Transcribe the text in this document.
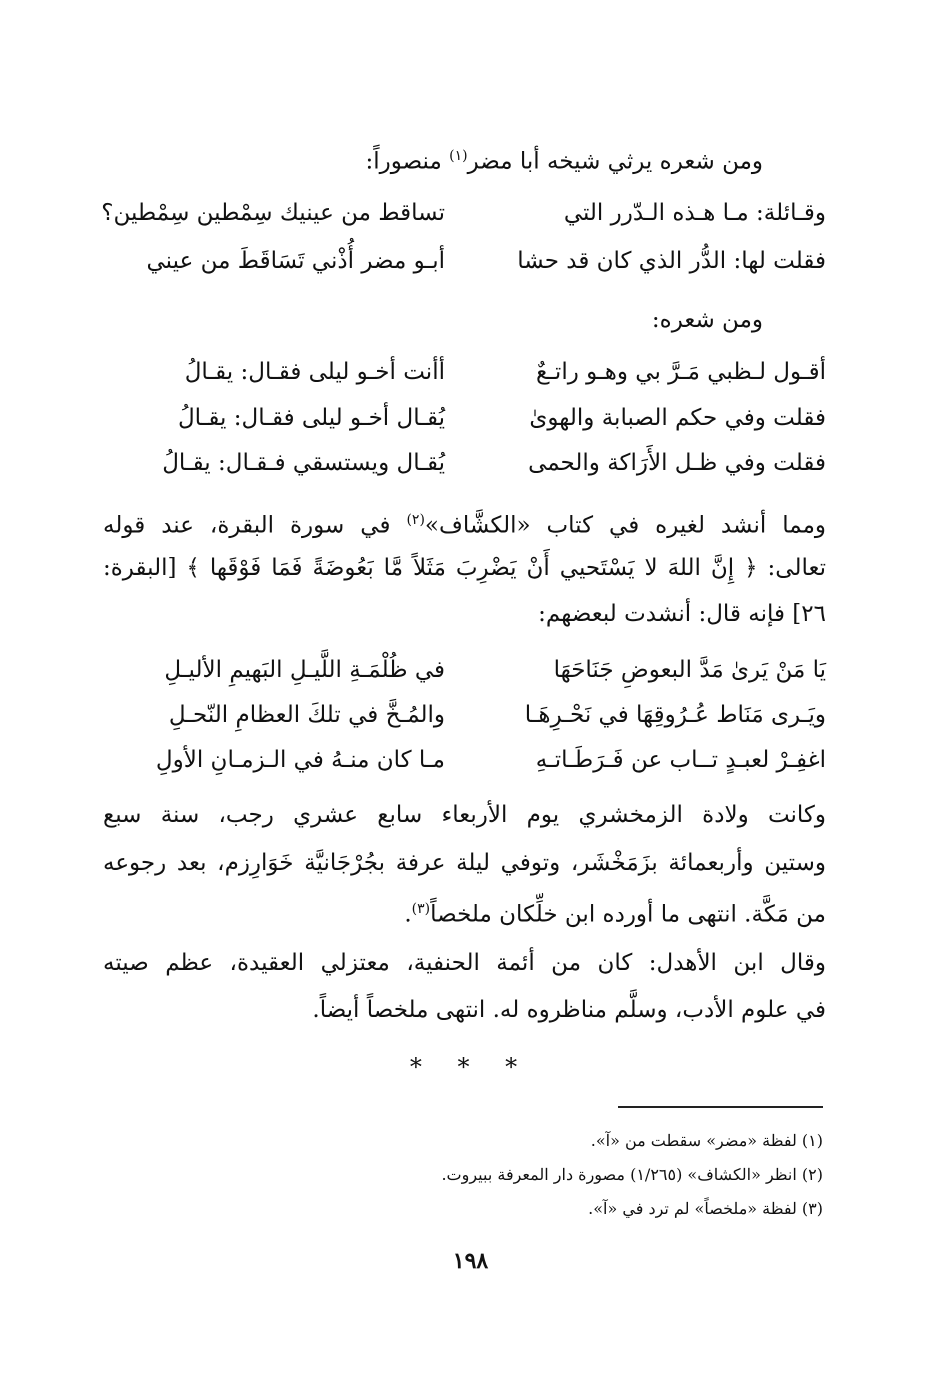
ومن شعره يرثي شيخه أبا مضر$^{(١)}$ منصوراً:
وقـائلة: مـا هـذه الـدّرر التي
تساقط من عينيك سِمْطين سِمْطين؟
فقلت لها: الدُّر الذي كان قد حشا
أبـو مضر أُذْني تَسَاقَطَ من عيني
ومن شعره:
أقـول لـظبي مَـرَّ بي وهـو راتـعٌ
أأنت أخـو ليلى فقـال: يقـالُ
فقلت وفي حكم الصبابة والهوىٰ
يُقـال أخـو ليلى فقـال: يقـالُ
فقلت وفي ظـل الأَرَاكة والحمى
يُقـال ويستسقي فـقـال: يقـالُ
ومما أنشد لغيره في كتاب «الكشَّاف»$^{(٢)}$ في سورة البقرة، عند قوله
تعالى: ﴿ إِنَّ اللهَ لا يَسْتَحيي أَنْ يَضْرِبَ مَثَلاً مَّا بَعُوضَةً فَمَا فَوْقَها ﴾ [البقرة:
٢٦] فإنه قال: أنشدت لبعضهم:
يَا مَنْ يَرىٰ مَدَّ البعوضِ جَنَاحَهَا
في ظُلْمَـةِ اللَّيـلِ البَهيمِ الأليـلِ
ويَـرى مَنَاط عُـرُوقِهَا في نَحْـرِهَـا
والمُـخَّ في تلكَ العظامِ النّحـلِ
اغفِـرْ لعبـدٍ تــاب عن فَـرَطَـاتـهِ
مـا كان منـهُ في الـزمـانِ الأولِ
وكانت ولادة الزمخشري يوم الأربعاء سابع عشري رجب، سنة سبع
وستين وأربعمائة بزَمَخْشَر، وتوفي ليلة عرفة بجُرْجَانيَّة خَوَارِزم، بعد رجوعه
من مَكَّة. انتهى ما أورده ابن خلِّكان ملخصاً$^{(٣)}$.
وقال ابن الأهدل: كان من أئمة الحنفية، معتزلي العقيدة، عظم صيته
في علوم الأدب، وسلَّم مناظروه له. انتهى ملخصاً أيضاً.
* * *
(١) لفظة «مضر» سقطت من «آ».
(٢) انظر «الكشاف» (١/٢٦٥) مصورة دار المعرفة ببيروت.
(٣) لفظة «ملخصاً» لم ترد في «آ».
١٩٨
